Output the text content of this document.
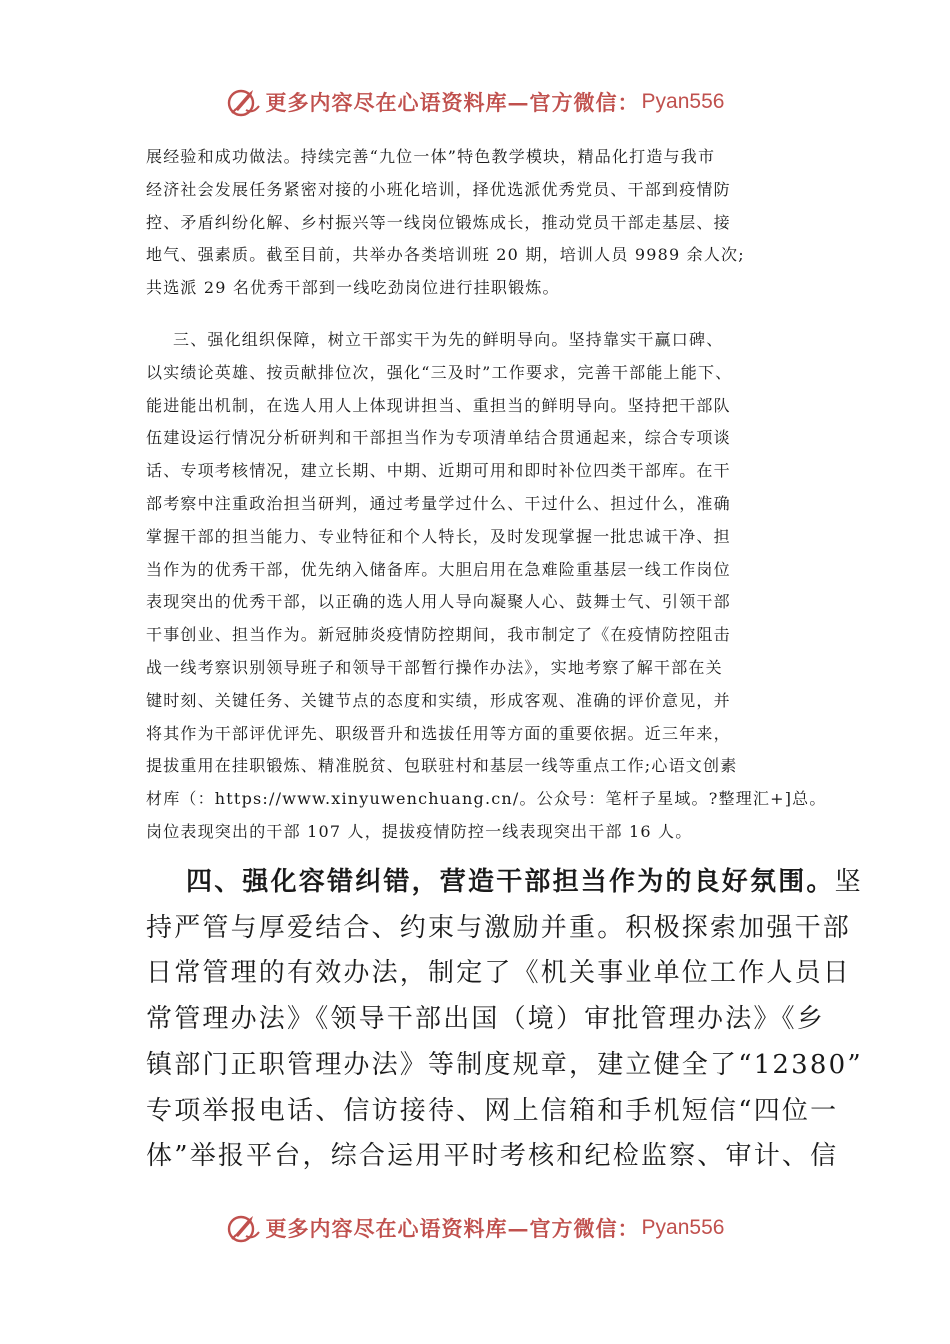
更多内容尽在心语资料库—官方微信： Pyan556

展经验和成功做法。持续完善“九位一体”特色教学模块，精品化打造与我市

经济社会发展任务紧密对接的小班化培训，择优选派优秀党员、干部到疫情防

控、矛盾纠纷化解、乡村振兴等一线岗位锻炼成长，推动党员干部走基层、接

地气、强素质。截至目前，共举办各类培训班 20 期，培训人员 9989 余人次;

共选派 29 名优秀干部到一线吃劲岗位进行挂职锻炼。

三、强化组织保障，树立干部实干为先的鲜明导向。坚持靠实干赢口碑、

以实绩论英雄、按贡献排位次，强化“三及时”工作要求，完善干部能上能下、

能进能出机制，在选人用人上体现讲担当、重担当的鲜明导向。坚持把干部队

伍建设运行情况分析研判和干部担当作为专项清单结合贯通起来，综合专项谈

话、专项考核情况，建立长期、中期、近期可用和即时补位四类干部库。在干

部考察中注重政治担当研判，通过考量学过什么、干过什么、担过什么，准确

掌握干部的担当能力、专业特征和个人特长，及时发现掌握一批忠诚干净、担

当作为的优秀干部，优先纳入储备库。大胆启用在急难险重基层一线工作岗位

表现突出的优秀干部，以正确的选人用人导向凝聚人心、鼓舞士气、引领干部

干事创业、担当作为。新冠肺炎疫情防控期间，我市制定了《在疫情防控阻击

战一线考察识别领导班子和领导干部暂行操作办法》，实地考察了解干部在关

键时刻、关键任务、关键节点的态度和实绩，形成客观、准确的评价意见，并

将其作为干部评优评先、职级晋升和选拔任用等方面的重要依据。近三年来，

提拔重用在挂职锻炼、精准脱贫、包联驻村和基层一线等重点工作;心语文创素

材库（：https://www.xinyuwenchuang.cn/。公众号：笔杆子星域。?整理汇+]总。

岗位表现突出的干部 107 人，提拔疫情防控一线表现突出干部 16 人。

四、强化容错纠错，营造干部担当作为的良好氛围。坚

持严管与厚爱结合、约束与激励并重。积极探索加强干部

日常管理的有效办法，制定了《机关事业单位工作人员日

常管理办法》《领导干部出国（境）审批管理办法》《乡

镇部门正职管理办法》等制度规章，建立健全了“12380”

专项举报电话、信访接待、网上信箱和手机短信“四位一

体”举报平台，综合运用平时考核和纪检监察、审计、信

更多内容尽在心语资料库—官方微信： Pyan556
